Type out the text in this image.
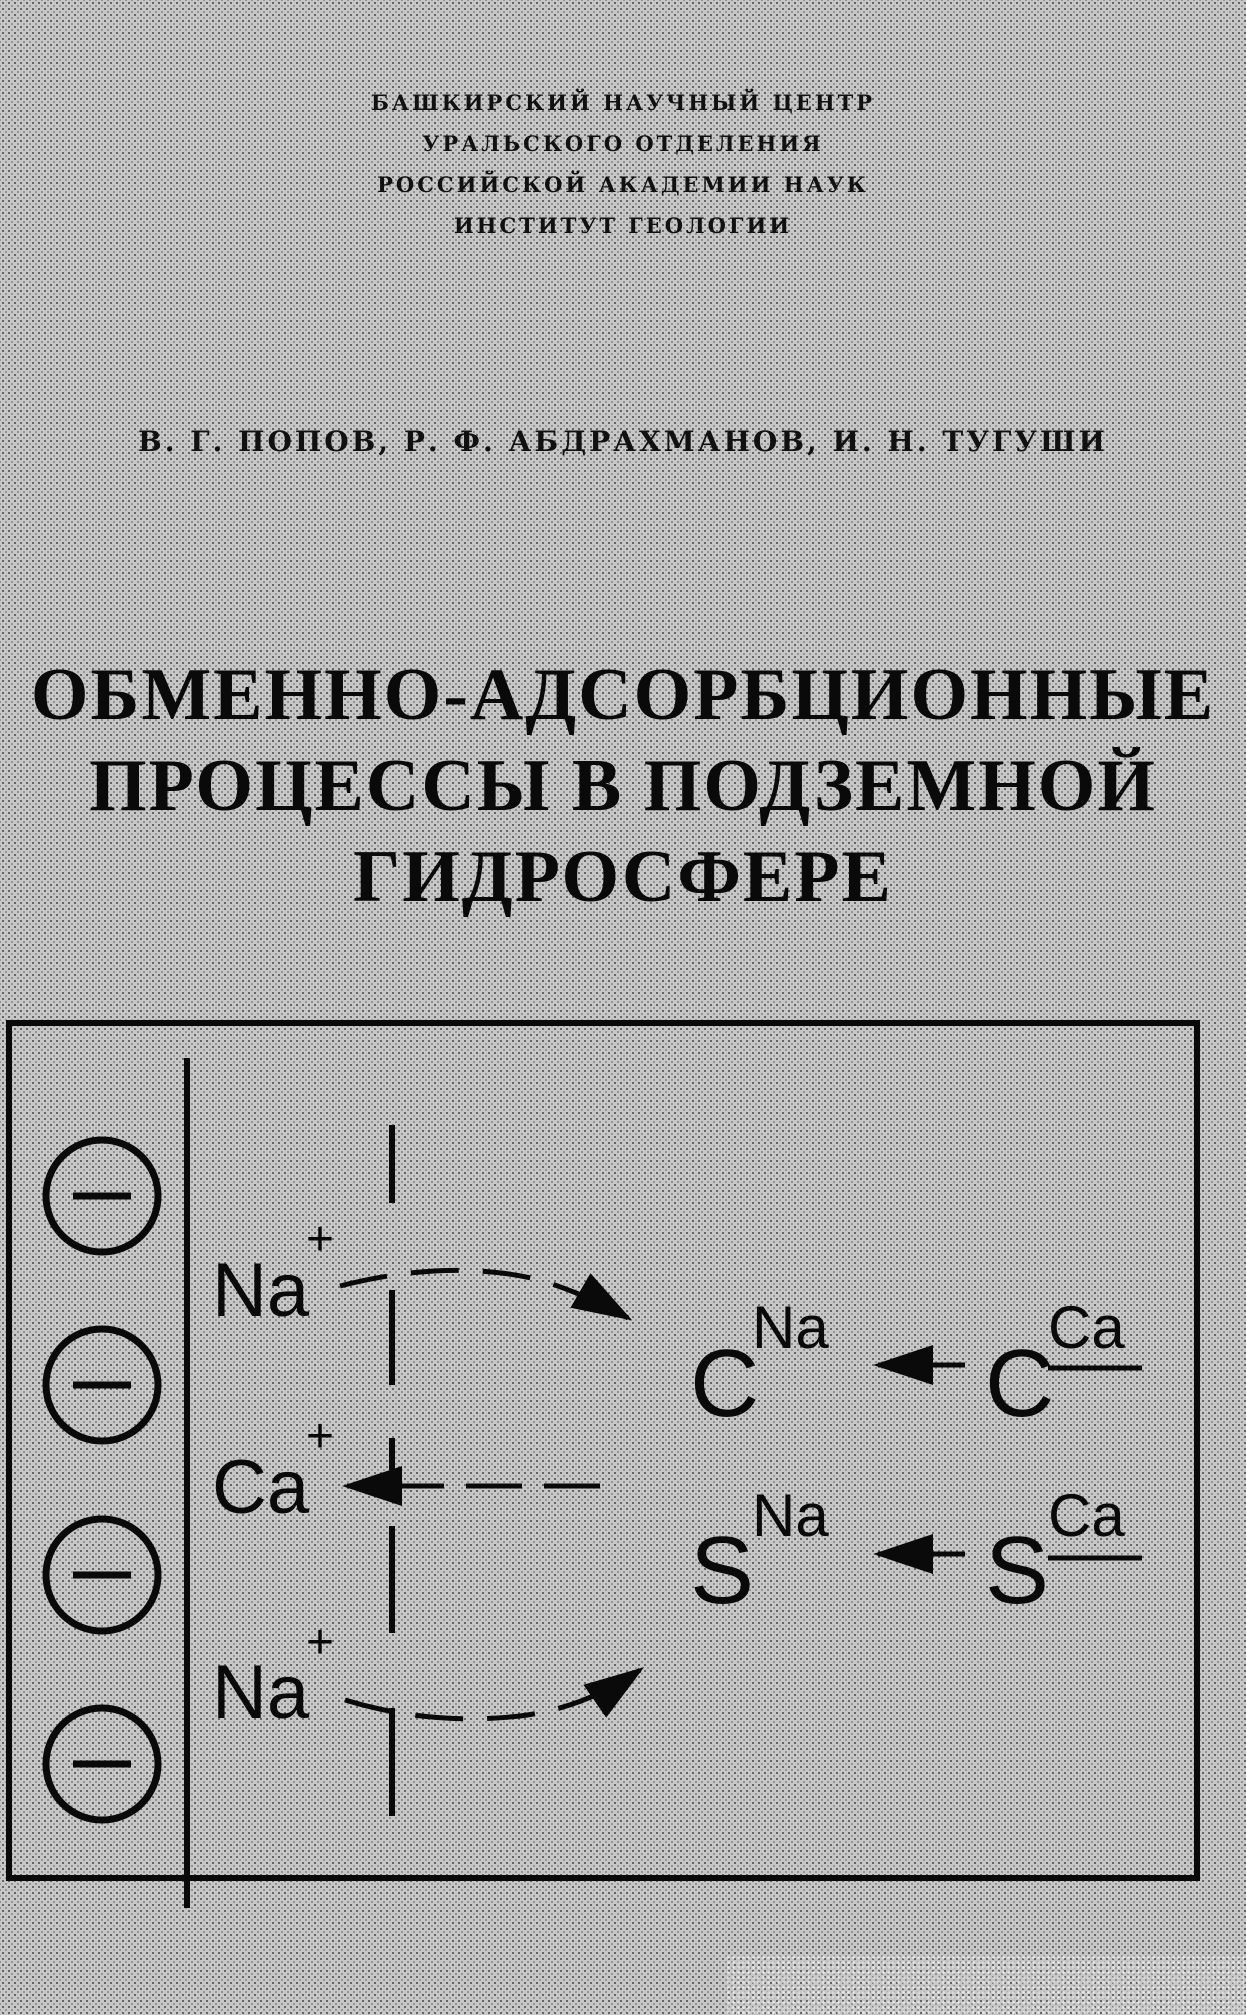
БАШКИРСКИЙ НАУЧНЫЙ ЦЕНТР
УРАЛЬСКОГО ОТДЕЛЕНИЯ
РОССИЙСКОЙ АКАДЕМИИ НАУК
ИНСТИТУТ ГЕОЛОГИИ
В. Г. ПОПОВ, Р. Ф. АБДРАХМАНОВ, И. Н. ТУГУШИ
ОБМЕННО-АДСОРБЦИОННЫЕ
ПРОЦЕССЫ В ПОДЗЕМНОЙ
ГИДРОСФЕРЕ
Na
+
Ca
+
Na
+
C
Na
C
Ca
S
Na
S
Ca
